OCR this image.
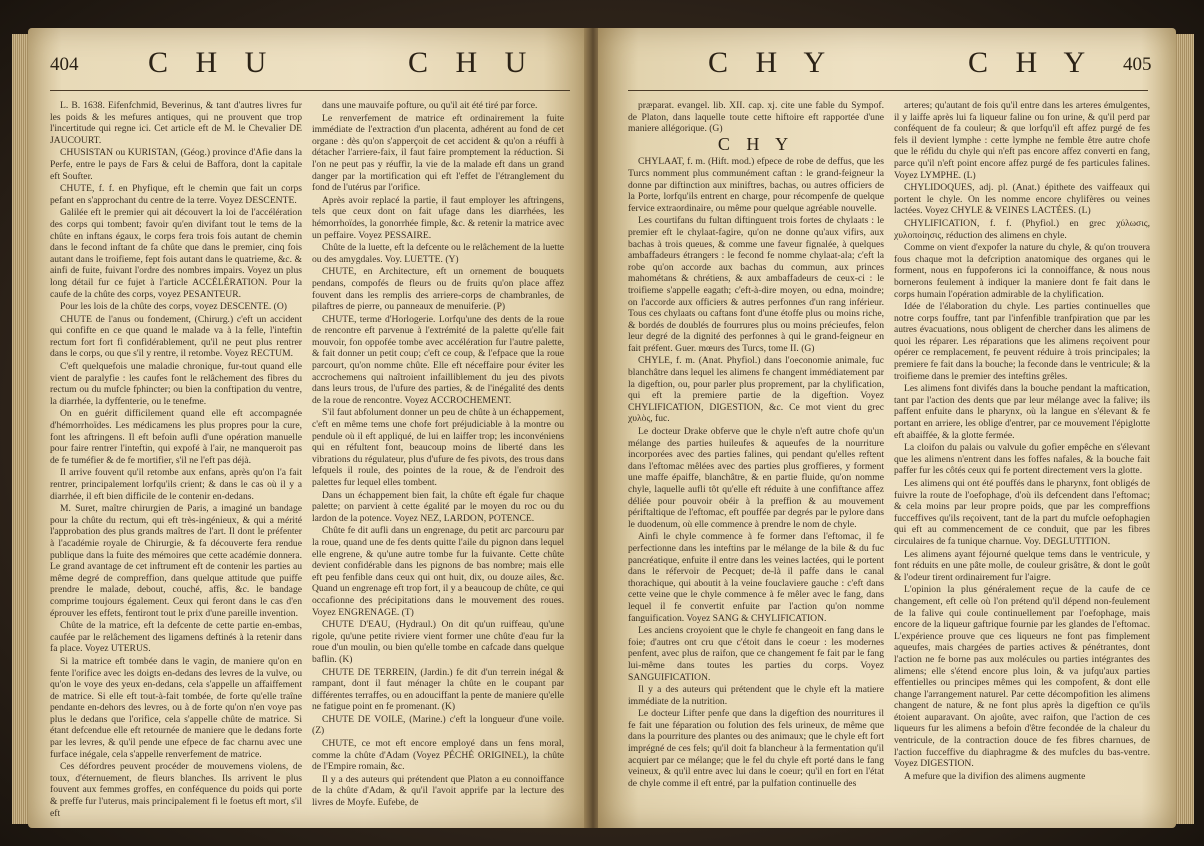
404 C H U	C H U

L. B. 1638. Eifenfchmid, Beverinus, & tant d'autres livres fur les poids & les mefures antiques, qui ne prouvent que trop l'incertitude qui regne ici. Cet article eft de M. le Chevalier DE JAUCOURT.

CHUSISTAN ou KURISTAN, (Géog.) province d'Afie dans la Perfe, entre le pays de Fars & celui de Baffora, dont la capitale eft Soufter.

CHUTE, f. f. en Phyfique, eft le chemin que fait un corps pefant en s'approchant du centre de la terre. Voyez DESCENTE.

Galilée eft le premier qui ait découvert la loi de l'accélération des corps qui tombent; favoir qu'en divifant tout le tems de la chûte en inftans égaux, le corps fera trois fois autant de chemin dans le fecond inftant de fa chûte que dans le premier, cinq fois autant dans le troifieme, fept fois autant dans le quatrieme, &c. & ainfi de fuite, fuivant l'ordre des nombres impairs. Voyez un plus long détail fur ce fujet à l'article ACCÉLÉRATION. Pour la caufe de la chûte des corps, voyez PESANTEUR.

Pour les lois de la chûte des corps, voyez DESCENTE. (O)

CHUTE de l'anus ou fondement, (Chirurg.) c'eft un accident qui confifte en ce que quand le malade va à la felle, l'inteftin rectum fort fort fi confidérablement, qu'il ne peut plus rentrer dans le corps, ou que s'il y rentre, il retombe. Voyez RECTUM.

C'eft quelquefois une maladie chronique, fur-tout quand elle vient de paralyfie : les caufes font le relâchement des fibres du rectum ou du mufcle fphincter; ou bien la conftipation du ventre, la diarrhée, la dyffenterie, ou le tenefme.

On en guérit difficilement quand elle eft accompagnée d'hémorrhoïdes. Les médicamens les plus propres pour la cure, font les aftringens. Il eft befoin aufli d'une opération manuelle pour faire rentrer l'inteftin, qui expofé à l'air, ne manqueroit pas de fe tuméfier & de fe mortifier, s'il ne l'eft pas déjà.

Il arrive fouvent qu'il retombe aux enfans, après qu'on l'a fait rentrer, principalement lorfqu'ils crient; & dans le cas où il y a diarrhée, il eft bien difficile de le contenir en-dedans.

M. Suret, maître chirurgien de Paris, a imaginé un bandage pour la chûte du rectum, qui eft très-ingénieux, & qui a mérité l'approbation des plus grands maîtres de l'art. Il dont le préfenter à l'académie royale de Chirurgie, & fa découverte fera rendue publique dans la fuite des mémoires que cette académie donnera. Le grand avantage de cet inftrument eft de contenir les parties au même degré de compreffion, dans quelque attitude que puiffe prendre le malade, debout, couché, affis, &c. le bandage comprime toujours également. Ceux qui feront dans le cas d'en éprouver les effets, fentiront tout le prix d'une pareille invention.

Chûte de la matrice, eft la defcente de cette partie en-embas, caufée par le relâchement des ligamens deftinés à la retenir dans fa place. Voyez UTERUS.

Si la matrice eft tombée dans le vagin, de maniere qu'on en fente l'orifice avec les doigts en-dedans des levres de la vulve, ou qu'on le voye des yeux en-dedans, cela s'appelle un affaiffement de matrice. Si elle eft tout-à-fait tombée, de forte qu'elle traîne pendante en-dehors des levres, ou à de forte qu'on n'en voye pas plus le dedans que l'orifice, cela s'appelle chûte de matrice. Si étant defcendue elle eft retournée de maniere que le dedans forte par les levres, & qu'il pende une efpece de fac charnu avec une furface inégale, cela s'appelle renverfement de matrice.

Ces défordres peuvent procéder de mouvemens violens, de toux, d'éternuement, de fleurs blanches. Ils arrivent le plus fouvent aux femmes groffes, en conféquence du poids qui porte & preffe fur l'uterus, mais principalement fi le foetus eft mort, s'il eft

dans une mauvaife pofture, ou qu'il ait été tiré par force.

Le renverfement de matrice eft ordinairement la fuite immédiate de l'extraction d'un placenta, adhérent au fond de cet organe : dès qu'on s'apperçoit de cet accident & qu'on a réuffi à détacher l'arriere-faix, il faut faire promptement la réduction. Si l'on ne peut pas y réuffir, la vie de la malade eft dans un grand danger par la mortification qui eft l'effet de l'étranglement du fond de l'utérus par l'orifice.

Après avoir replacé la partie, il faut employer les aftringens, tels que ceux dont on fait ufage dans les diarrhées, les hémorrhoïdes, la gonorrhée fimple, &c. & retenir la matrice avec un peffaire. Voyez PESSAIRE.

Chûte de la luette, eft la defcente ou le relâchement de la luette ou des amygdales. Voy. LUETTE. (Y)

CHUTE, en Architecture, eft un ornement de bouquets pendans, compofés de fleurs ou de fruits qu'on place affez fouvent dans les remplis des arriere-corps de chambranles, de pilaftres de pierre, ou panneaux de menuiferie. (P)

CHUTE, terme d'Horlogerie. Lorfqu'une des dents de la roue de rencontre eft parvenue à l'extrémité de la palette qu'elle fait mouvoir, fon oppofée tombe avec accélération fur l'autre palette, & fait donner un petit coup; c'eft ce coup, & l'efpace que la roue parcourt, qu'on nomme chûte. Elle eft néceffaire pour éviter les accrochemens qui naîtroient infailliblement du jeu des pivots dans leurs trous, de l'ufure des parties, & de l'inégalité des dents de la roue de rencontre. Voyez ACCROCHEMENT.

S'il faut abfolument donner un peu de chûte à un échappement, c'eft en même tems une chofe fort préjudiciable à la montre ou pendule où il eft appliqué, de lui en laiffer trop; les inconvéniens qui en réfultent font, beaucoup moins de liberté dans les vibrations du régulateur, plus d'ufure de fes pivots, des trous dans lefquels il roule, des pointes de la roue, & de l'endroit des palettes fur lequel elles tombent.

Dans un échappement bien fait, la chûte eft égale fur chaque palette; on parvient à cette égalité par le moyen du roc ou du lardon de la potence. Voyez NEZ, LARDON, POTENCE.

Chûte fe dit aufli dans un engrenage, du petit arc parcouru par la roue, quand une de fes dents quitte l'aile du pignon dans lequel elle engrene, & qu'une autre tombe fur la fuivante. Cette chûte devient confidérable dans les pignons de bas nombre; mais elle eft peu fenfible dans ceux qui ont huit, dix, ou douze ailes, &c. Quand un engrenage eft trop fort, il y a beaucoup de chûte, ce qui occafionne des précipitations dans le mouvement des roues. Voyez ENGRENAGE. (T)

CHUTE D'EAU, (Hydraul.) On dit qu'un ruiffeau, qu'une rigole, qu'une petite riviere vient former une chûte d'eau fur la roue d'un moulin, ou bien qu'elle tombe en cafcade dans quelque baflin. (K)

CHUTE DE TERREIN, (Jardin.) fe dit d'un terrein inégal & rampant, dont il faut ménager la chûte en le coupant par différentes terraffes, ou en adouciffant la pente de maniere qu'elle ne fatigue point en fe promenant. (K)

CHUTE DE VOILE, (Marine.) c'eft la longueur d'une voile. (Z)

CHUTE, ce mot eft encore employé dans un fens moral, comme la chûte d'Adam (Voyez PÉCHÉ ORIGINEL), la chûte de l'Empire romain, &c.

Il y a des auteurs qui prétendent que Platon a eu connoiffance de la chûte d'Adam, & qu'il l'avoit apprife par la lecture des livres de Moyfe. Eufebe, de

C H Y	C H Y 405

præparat. evangel. lib. XII. cap. xj. cite une fable du Sympof. de Platon, dans laquelle toute cette hiftoire eft rapportée d'une maniere allégorique. (G)

C H Y

CHYLAAT, f. m. (Hift. mod.) efpece de robe de deffus, que les Turcs nomment plus communément caftan : le grand-feigneur la donne par diftinction aux miniftres, bachas, ou autres officiers de la Porte, lorfqu'ils entrent en charge, pour récompenfe de quelque fervice extraordinaire, ou même pour quelque agréable nouvelle.

Les courtifans du fultan diftinguent trois fortes de chylaats : le premier eft le chylaat-fagire, qu'on ne donne qu'aux vifirs, aux bachas à trois queues, & comme une faveur fignalée, à quelques ambaffadeurs étrangers : le fecond fe nomme chylaat-ala; c'eft la robe qu'on accorde aux bachas du commun, aux princes mahométans & chrétiens, & aux ambaffadeurs de ceux-ci : le troifieme s'appelle eagath; c'eft-à-dire moyen, ou edna, moindre; on l'accorde aux officiers & autres perfonnes d'un rang inférieur. Tous ces chylaats ou caftans font d'une étoffe plus ou moins riche, & bordés de doublés de fourrures plus ou moins précieufes, felon leur degré de la dignité des perfonnes à qui le grand-feigneur en fait préfent. Guer. mœurs des Turcs, tome II. (G)

CHYLE, f. m. (Anat. Phyfiol.) dans l'oeconomie animale, fuc blanchâtre dans lequel les alimens fe changent immédiatement par la digeftion, ou, pour parler plus proprement, par la chylification, qui eft la premiere partie de la digeftion. Voyez CHYLIFICATION, DIGESTION, &c. Ce mot vient du grec χυλὸς, fuc.

Le docteur Drake obferve que le chyle n'eft autre chofe qu'un mélange des parties huileufes & aqueufes de la nourriture incorporées avec des parties falines, qui pendant qu'elles reftent dans l'eftomac mêlées avec des parties plus groffieres, y forment une maffe épaiffe, blanchâtre, & en partie fluide, qu'on nomme chyle, laquelle aufli tôt qu'elle eft réduite à une confiftance affez déliée pour pouvoir obéir à la preffion & au mouvement périftaltique de l'eftomac, eft pouffée par degrés par le pylore dans le duodenum, où elle commence à prendre le nom de chyle.

Ainfi le chyle commence à fe former dans l'eftomac, il fe perfectionne dans les inteftins par le mélange de la bile & du fuc pancréatique, enfuite il entre dans les veines lactées, qui le portent dans le réfervoir de Pecquet; de-là il paffe dans le canal thorachique, qui aboutit à la veine fouclaviere gauche : c'eft dans cette veine que le chyle commence à fe mêler avec le fang, dans lequel il fe convertit enfuite par l'action qu'on nomme fanguification. Voyez SANG & CHYLIFICATION.

Les anciens croyoient que le chyle fe changeoit en fang dans le foie; d'autres ont cru que c'étoit dans le coeur : les modernes penfent, avec plus de raifon, que ce changement fe fait par le fang lui-même dans toutes les parties du corps. Voyez SANGUIFICATION.

Il y a des auteurs qui prétendent que le chyle eft la matiere immédiate de la nutrition.

Le docteur Lifter penfe que dans la digeftion des nourritures il fe fait une féparation ou folution des fels urineux, de même que dans la pourriture des plantes ou des animaux; que le chyle eft fort imprégné de ces fels; qu'il doit fa blancheur à la fermentation qu'il acquiert par ce mélange; que le fel du chyle eft porté dans le fang veineux, & qu'il entre avec lui dans le coeur; qu'il en fort en l'état de chyle comme il eft entré, par la pulfation continuelle des

arteres; qu'autant de fois qu'il entre dans les arteres émulgentes, il y laiffe après lui fa liqueur faline ou fon urine, & qu'il perd par conféquent de fa couleur; & que lorfqu'il eft affez purgé de fes fels il devient lymphe : cette lymphe ne femble être autre chofe que le réfidu du chyle qui n'eft pas encore affez converti en fang, parce qu'il n'eft point encore affez purgé de fes particules falines. Voyez LYMPHE. (L)

CHYLIDOQUES, adj. pl. (Anat.) épithete des vaiffeaux qui portent le chyle. On les nomme encore chylifères ou veines lactées. Voyez CHYLE & VEINES LACTÉES. (L)

CHYLIFICATION, f. f. (Phyfiol.) en grec χύλωσις, χυλοποίησις, réduction des alimens en chyle.

Comme on vient d'expofer la nature du chyle, & qu'on trouvera fous chaque mot la defcription anatomique des organes qui le forment, nous en fuppoferons ici la connoiffance, & nous nous bornerons feulement à indiquer la maniere dont fe fait dans le corps humain l'opération admirable de la chylification.

Idée de l'élaboration du chyle. Les parties continuelles que notre corps fouffre, tant par l'infenfible tranfpiration que par les autres évacuations, nous obligent de chercher dans les alimens de quoi les réparer. Les réparations que les alimens reçoivent pour opérer ce remplacement, fe peuvent réduire à trois principales; la premiere fe fait dans la bouche; la feconde dans le ventricule; & la troifieme dans le premier des inteftins grêles.

Les alimens font divifés dans la bouche pendant la maftication, tant par l'action des dents que par leur mélange avec la falive; ils paffent enfuite dans le pharynx, où la langue en s'élevant & fe portant en arriere, les oblige d'entrer, par ce mouvement l'épiglotte eft abaiffée, & la glotte fermée.

La cloifon du palais ou valvule du gofier empêche en s'élevant que les alimens n'entrent dans les foffes nafales, & la bouche fait paffer fur les côtés ceux qui fe portent directement vers la glotte.

Les alimens qui ont été pouffés dans le pharynx, font obligés de fuivre la route de l'oefophage, d'où ils defcendent dans l'eftomac; & cela moins par leur propre poids, que par les compreffions fucceffives qu'ils reçoivent, tant de la part du mufcle oefophagien qui eft au commencement de ce conduit, que par les fibres circulaires de fa tunique charnue. Voy. DEGLUTITION.

Les alimens ayant féjourné quelque tems dans le ventricule, y font réduits en une pâte molle, de couleur grisâtre, & dont le goût & l'odeur tirent ordinairement fur l'aigre.

L'opinion la plus généralement reçue de la caufe de ce changement, eft celle où l'on prétend qu'il dépend non-feulement de la falive qui coule continuellement par l'oefophage, mais encore de la liqueur gaftrique fournie par les glandes de l'eftomac. L'expérience prouve que ces liqueurs ne font pas fimplement aqueufes, mais chargées de parties actives & pénétrantes, dont l'action ne fe borne pas aux molécules ou parties intégrantes des alimens; elle s'étend encore plus loin, & va jufqu'aux parties effentielles ou principes mêmes qui les compofent, & dont elle change l'arrangement naturel. Par cette décompofition les alimens changent de nature, & ne font plus après la digeftion ce qu'ils étoient auparavant. On ajoûte, avec raifon, que l'action de ces liqueurs fur les alimens a befoin d'être fecondée de la chaleur du ventricule, de la contraction douce de fes fibres charnues, de l'action fucceffive du diaphragme & des mufcles du bas-ventre. Voyez DIGESTION.

A mefure que la divifion des alimens augmente
